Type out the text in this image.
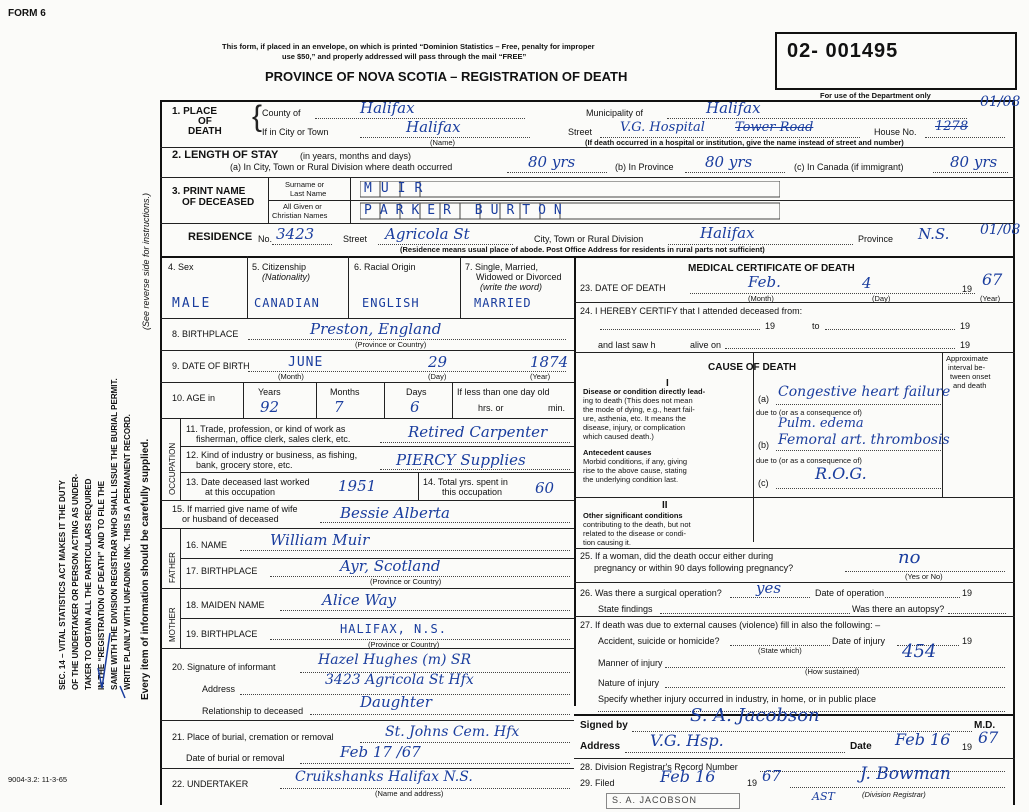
FORM 6
This form, if placed in an envelope, on which is printed “Dominion Statistics – Free, penalty for improper
use $50,” and properly addressed will pass through the mail “FREE”
PROVINCE OF NOVA SCOTIA – REGISTRATION OF DEATH
02- 001495
For use of the Department only
SEC. 14 – VITAL STATISTICS ACT MAKES IT THE DUTY OF THE UNDERTAKER OR PERSON ACTING AS UNDER- TAKER TO OBTAIN ALL THE PARTICULARS REQUIRED IN THE “REGISTRATION OF DEATH” AND TO FILE THE SAME WITH THE DIVISION REGISTRAR WHO SHALL ISSUE THE BURIAL PERMIT. WRITE PLAINLY WITH UNFADING INK. THIS IS A PERMANENT RECORD. Every item of information should be carefully supplied.
(See reverse side for instructions.)
1. PLACE
OF
DEATH { County of	Halifax	Municipality of	Halifax	01/08
If in City or Town	Halifax
(Name)
Street V.G. Hospital Tower Road	House No. 1278
(If death occurred in a hospital or institution, give the name instead of street and number)
2. LENGTH OF STAY (in years, months and days)
(a) In City, Town or Rural Division where death occurred	80 yrs	(b) In Province 80 yrs	(c) In Canada (if immigrant)	80 yrs
3. PRINT NAME
OF DECEASED
Surname or
Last Name
All Given or
Christian Names
MUIR
PARKER BURTON
RESIDENCE No. 3423	Street Agricola St	City, Town or Rural Division	Halifax	Province N.S. 01/08
(Residence means usual place of abode. Post Office Address for residents in rural parts not sufficient)
4. Sex	5. Citizenship
(Nationality)
6. Racial Origin	7. Single, Married,
Widowed or Divorced
(write the word)
MALE	CANADIAN	ENGLISH	MARRIED
8. BIRTHPLACE	Preston, England
(Province or Country)
9. DATE OF BIRTH	JUNE	29	1874
(Month)	(Day)	(Year)
10. AGE in
Years	Months	Days
92	7	6
If less than one day old
hrs. or	min.
OCCUPATION
11. Trade, profession, or kind of work as
fisherman, office clerk, sales clerk, etc.	Retired Carpenter
12. Kind of industry or business, as fishing,
bank, grocery store, etc.	PIERCY Supplies
13. Date deceased last worked
at this occupation	1951	14. Total yrs. spent in
this occupation 60
15. If married give name of wife
or husband of deceased	Bessie Alberta
FATHER
16. NAME	William Muir
17. BIRTHPLACE	Ayr, Scotland
(Province or Country)
MOTHER
18. MAIDEN NAME	Alice Way
19. BIRTHPLACE	HALIFAX, N.S.
(Province or Country)
20. Signature of informant	Hazel Hughes (m) SR
Address
3423 Agricola St Hfx
Relationship to deceased	Daughter
21. Place of burial, cremation or removal	St. Johns Cem. Hfx
Date of burial or removal	Feb 17 /67
22. UNDERTAKER	Cruikshanks Halifax N.S.
(Name and address)
9004-3.2: 11-3-65
MEDICAL CERTIFICATE OF DEATH
23. DATE OF DEATH	Feb.	4	19 67
(Month)	(Day)	(Year)
24. I HEREBY CERTIFY that I attended deceased from:
19	to	19
and last saw h	alive on	19
CAUSE OF DEATH
Approximate
interval be-
tween onset
and death
I
Disease or condition directly lead-
ing to death (This does not mean
the mode of dying, e.g., heart fail-
ure, asthenia, etc. It means the
disease, injury, or complication
which caused death.)
(a) Congestive heart failure
due to (or as a consequence of)
Pulm. edema
Antecedent causes
Morbid conditions, if any, giving
rise to the above cause, stating
the underlying condition last.
(b) Femoral art. thrombosis
due to (or as a consequence of)
(c)	R.O.G.
II
Other significant conditions
contributing to the death, but not
related to the disease or condi-
tion causing it.
25. If a woman, did the death occur either during
pregnancy or within 90 days following pregnancy?	no
(Yes or No)
26. Was there a surgical operation? yes	Date of operation	19
State findings	Was there an autopsy?
27. If death was due to external causes (violence) fill in also the following: –
Accident, suicide or homicide?	Date of injury	19
(State which)	454
Manner of injury
(How sustained)
Nature of injury
Specify whether injury occurred in industry, in home, or in public place
Signed by	S. A. Jacobson	M.D.
Address V.G. Hsp.	Date Feb 16 19 67
28. Division Registrar's Record Number
29. Filed	Feb 16	19 67	J. Bowman
AST	(Division Registrar)
S. A. JACOBSON
